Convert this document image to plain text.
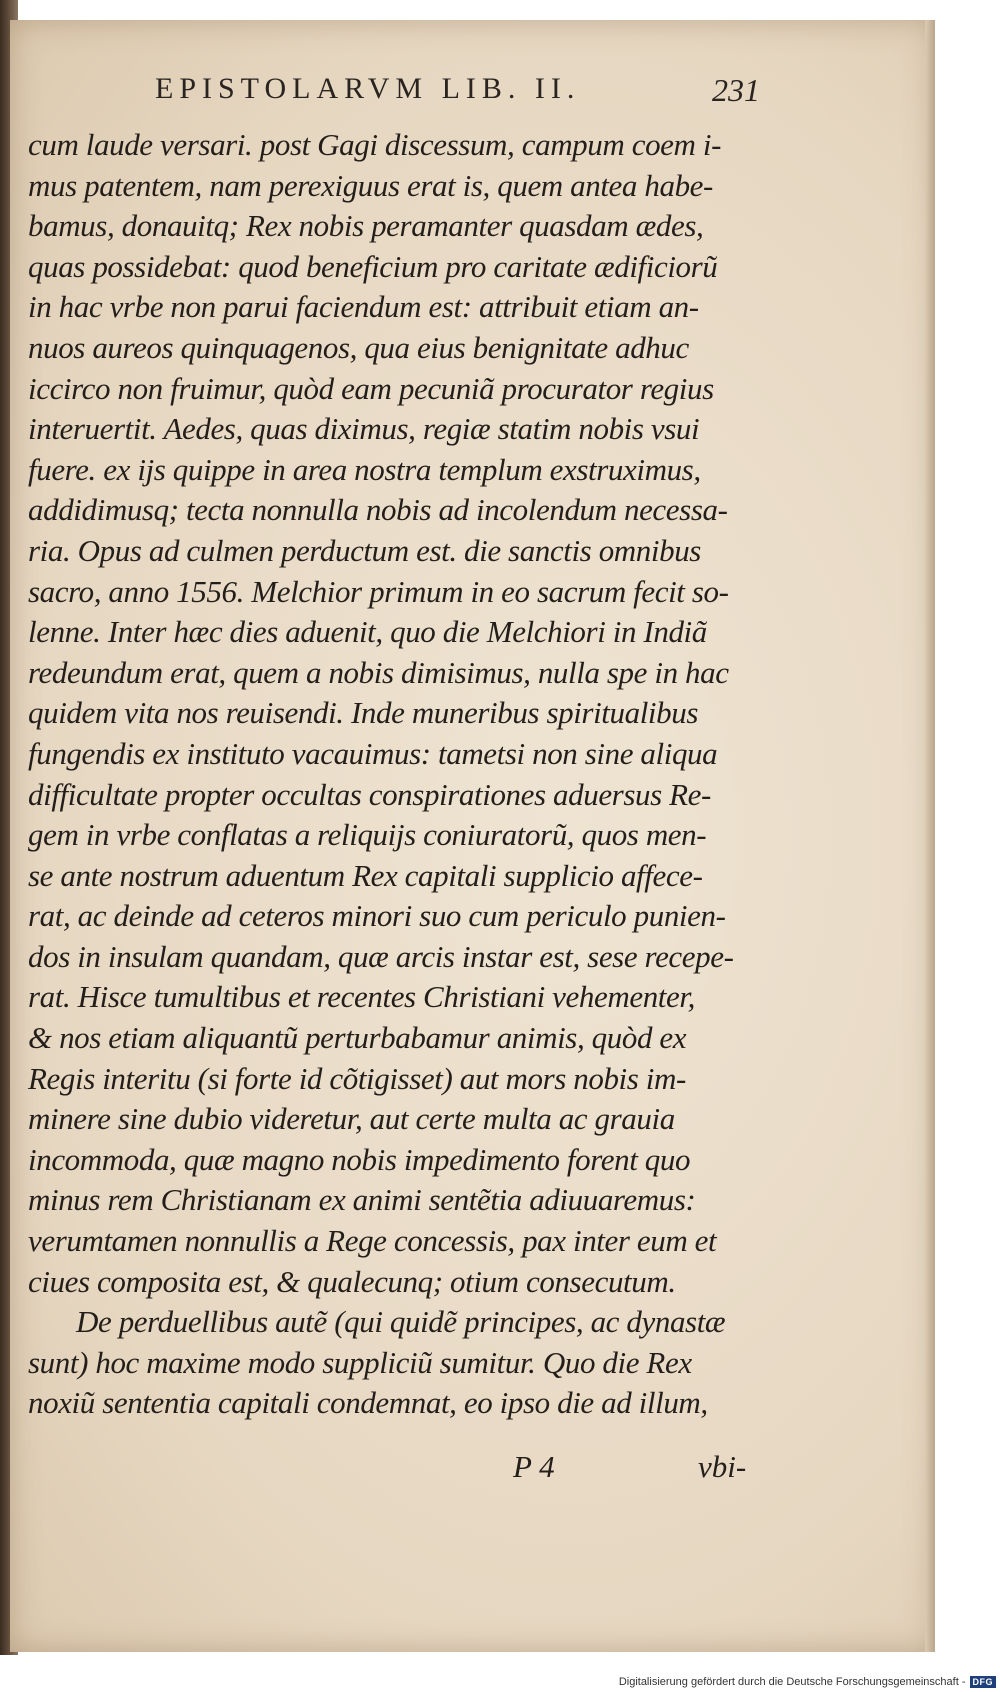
EPISTOLARVM LIB. II.	231
cum laude versari. post Gagi discessum, campum coem i-
mus patentem, nam perexiguus erat is, quem antea habe-
bamus, donauitq; Rex nobis peramanter quasdam ædes,
quas possidebat: quod beneficium pro caritate ædificiorũ
in hac vrbe non parui faciendum est: attribuit etiam an-
nuos aureos quinquagenos, qua eius benignitate adhuc
iccirco non fruimur, quòd eam pecuniã procurator regius
interuertit. Aedes, quas diximus, regiæ statim nobis vsui
fuere. ex ijs quippe in area nostra templum exstruximus,
addidimusq; tecta nonnulla nobis ad incolendum necessa-
ria. Opus ad culmen perductum est. die sanctis omnibus
sacro, anno 1556. Melchior primum in eo sacrum fecit so-
lenne. Inter hæc dies aduenit, quo die Melchiori in Indiã
redeundum erat, quem a nobis dimisimus, nulla spe in hac
quidem vita nos reuisendi. Inde muneribus spiritualibus
fungendis ex instituto vacauimus: tametsi non sine aliqua
difficultate propter occultas conspirationes aduersus Re-
gem in vrbe conflatas a reliquijs coniuratorũ, quos men-
se ante nostrum aduentum Rex capitali supplicio affece-
rat, ac deinde ad ceteros minori suo cum periculo punien-
dos in insulam quandam, quæ arcis instar est, sese recepe-
rat. Hisce tumultibus et recentes Christiani vehementer,
& nos etiam aliquantũ perturbabamur animis, quòd ex
Regis interitu (si forte id cõtigisset) aut mors nobis im-
minere sine dubio videretur, aut certe multa ac grauia
incommoda, quæ magno nobis impedimento forent quo
minus rem Christianam ex animi sentẽtia adiuuaremus:
verumtamen nonnullis a Rege concessis, pax inter eum et
ciues composita est, & qualecunq; otium consecutum.
De perduellibus autẽ (qui quidẽ principes, ac dynastæ
sunt) hoc maxime modo suppliciũ sumitur. Quo die Rex
noxiũ sententia capitali condemnat, eo ipso die ad illum,
P 4	vbi-
Digitalisierung gefördert durch die Deutsche Forschungsgemeinschaft - DFG
